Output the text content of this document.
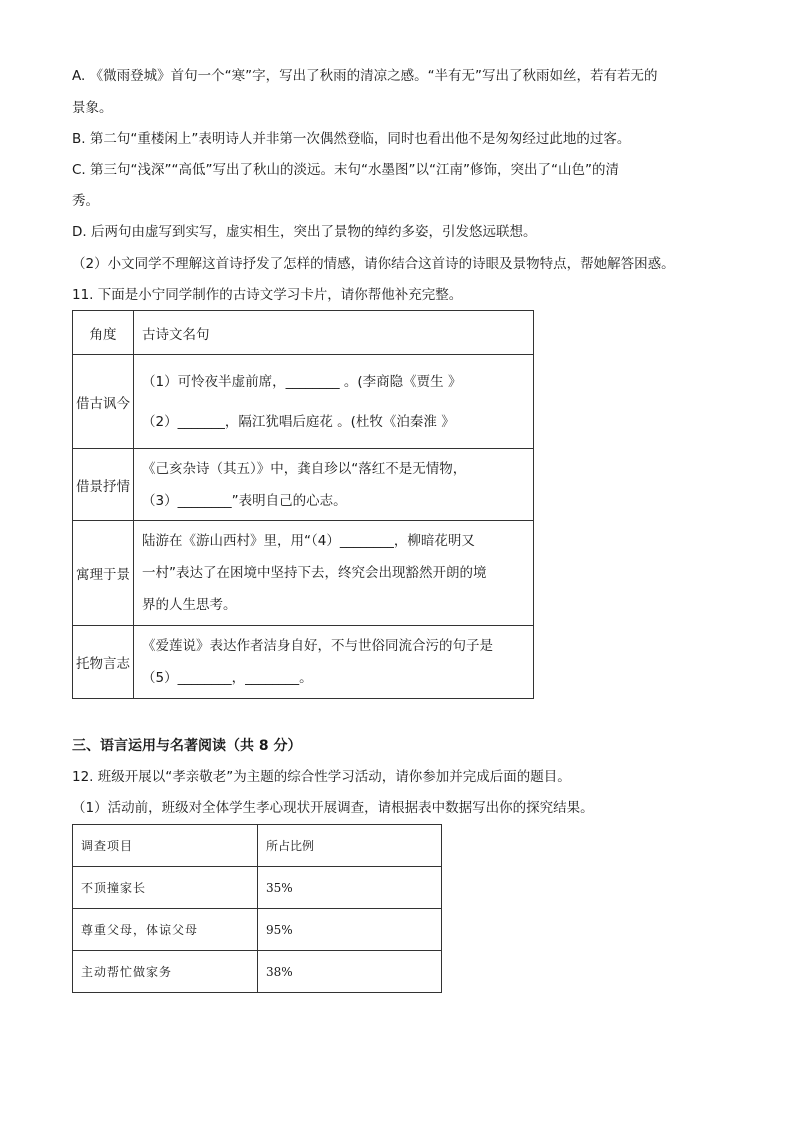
A. 《微雨登城》首句一个“寒”字，写出了秋雨的清凉之感。“半有无”写出了秋雨如丝，若有若无的
景象。
B. 第二句“重楼闲上”表明诗人并非第一次偶然登临，同时也看出他不是匆匆经过此地的过客。
C. 第三句“浅深”“高低”写出了秋山的淡远。末句“水墨图”以“江南”修饰，突出了“山色”的清
秀。
D. 后两句由虚写到实写，虚实相生，突出了景物的绰约多姿，引发悠远联想。
（2）小文同学不理解这首诗抒发了怎样的情感，请你结合这首诗的诗眼及景物特点，帮她解答困惑。
11. 下面是小宁同学制作的古诗文学习卡片，请你帮他补充完整。
角度	古诗文名句
借古讽今	（1）可怜夜半虚前席，________ 。(李商隐《贾生 》
（2）_______，隔江犹唱后庭花 。(杜牧《泊秦淮 》

借景抒情	《己亥杂诗（其五）》中，龚自珍以“落红不是无情物，
（3）________”表明自己的心志。

寓理于景	陆游在《游山西村》里，用“（4）________，柳暗花明又
一村”表达了在困境中坚持下去，终究会出现豁然开朗的境
界的人生思考。

托物言志	《爱莲说》表达作者洁身自好，不与世俗同流合污的句子是
（5）________，________。
三、语言运用与名著阅读（共 8 分）
12. 班级开展以“孝亲敬老”为主题的综合性学习活动，请你参加并完成后面的题目。
（1）活动前，班级对全体学生孝心现状开展调查，请根据表中数据写出你的探究结果。
调查项目	所占比例
不顶撞家长	35%
尊重父母，体谅父母	95%
主动帮忙做家务	38%
